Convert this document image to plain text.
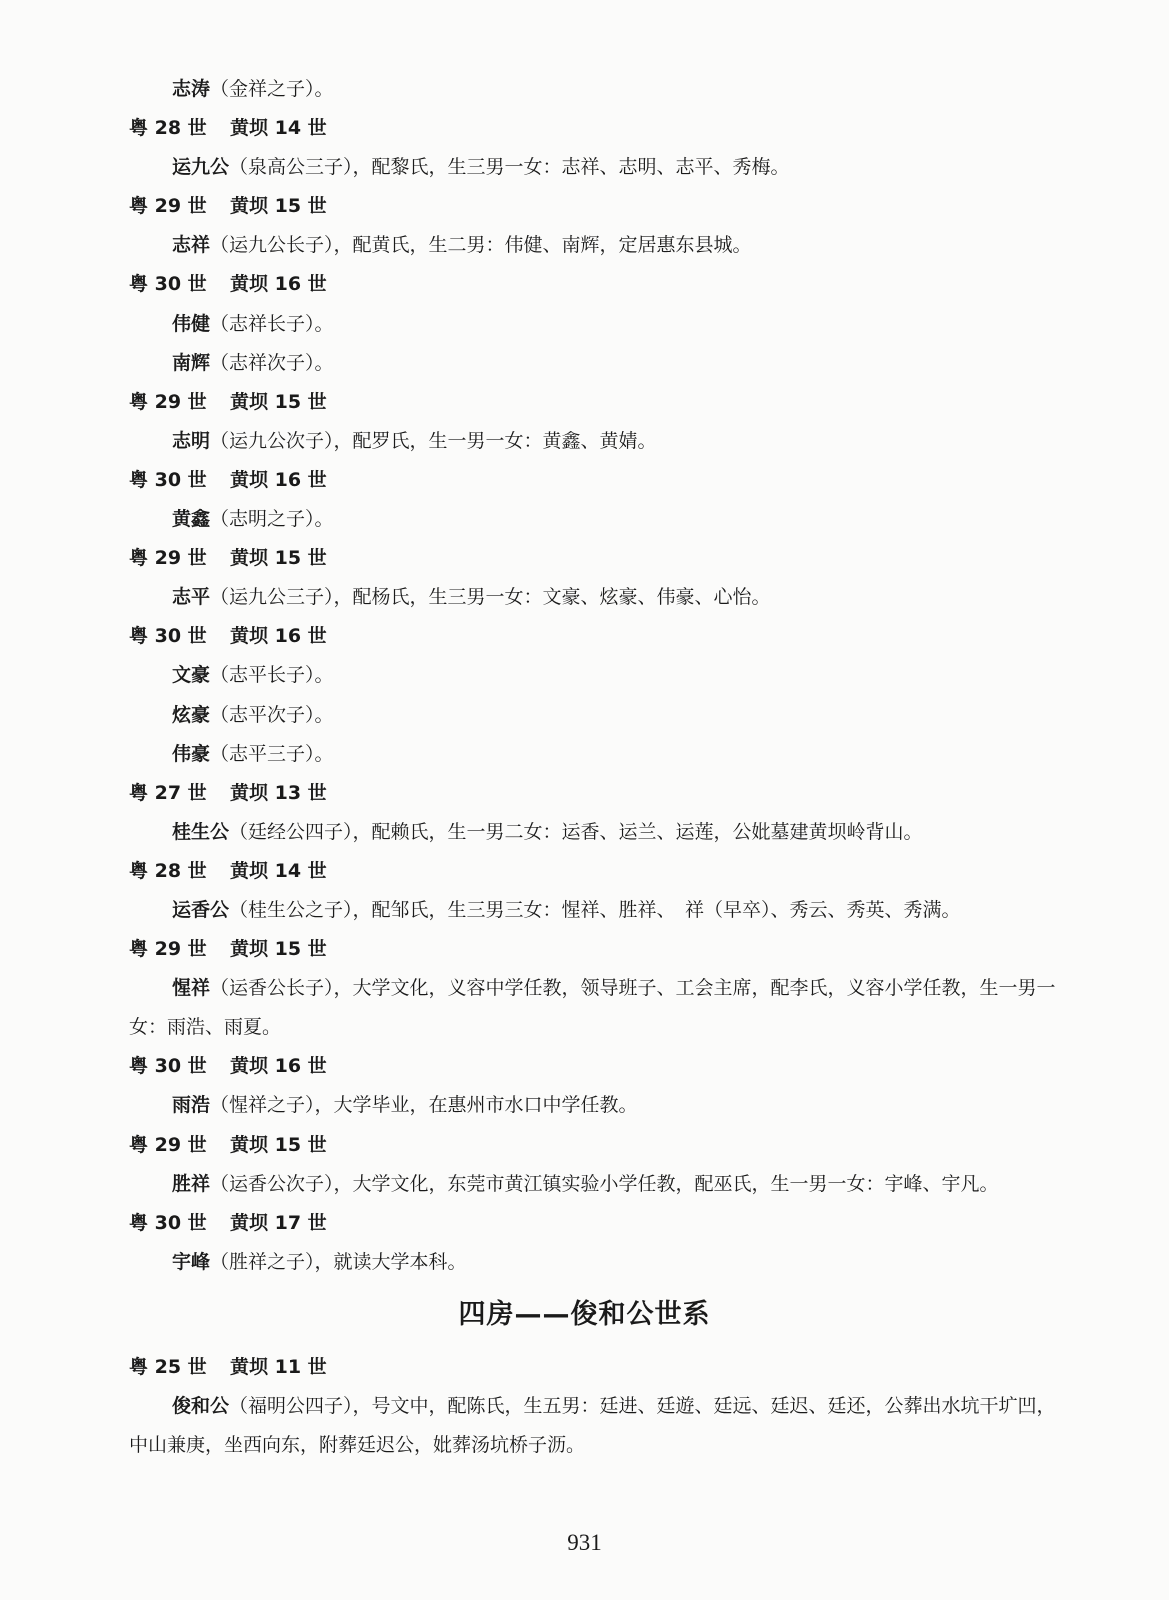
志涛（金祥之子）。
粤 28 世 黄坝 14 世
运九公（泉高公三子），配黎氏，生三男一女：志祥、志明、志平、秀梅。
粤 29 世 黄坝 15 世
志祥（运九公长子），配黄氏，生二男：伟健、南辉，定居惠东县城。
粤 30 世 黄坝 16 世
伟健（志祥长子）。
南辉（志祥次子）。
粤 29 世 黄坝 15 世
志明（运九公次子），配罗氏，生一男一女：黄鑫、黄婧。
粤 30 世 黄坝 16 世
黄鑫（志明之子）。
粤 29 世 黄坝 15 世
志平（运九公三子），配杨氏，生三男一女：文豪、炫豪、伟豪、心怡。
粤 30 世 黄坝 16 世
文豪（志平长子）。
炫豪（志平次子）。
伟豪（志平三子）。
粤 27 世 黄坝 13 世
桂生公（廷经公四子），配赖氏，生一男二女：运香、运兰、运莲，公妣墓建黄坝岭背山。
粤 28 世 黄坝 14 世
运香公（桂生公之子），配邹氏，生三男三女：惺祥、胜祥、　祥（早卒）、秀云、秀英、秀满。
粤 29 世 黄坝 15 世
惺祥（运香公长子），大学文化，义容中学任教，领导班子、工会主席，配李氏，义容小学任教，生一男一女：雨浩、雨夏。
粤 30 世 黄坝 16 世
雨浩（惺祥之子），大学毕业，在惠州市水口中学任教。
粤 29 世 黄坝 15 世
胜祥（运香公次子），大学文化，东莞市黄江镇实验小学任教，配巫氏，生一男一女：宇峰、宇凡。
粤 30 世 黄坝 17 世
宇峰（胜祥之子），就读大学本科。
四房——俊和公世系
粤 25 世 黄坝 11 世
俊和公（福明公四子），号文中，配陈氏，生五男：廷进、廷遊、廷远、廷迟、廷还，公葬出水坑干圹凹，中山兼庚，坐西向东，附葬廷迟公，妣葬汤坑桥子沥。
931
